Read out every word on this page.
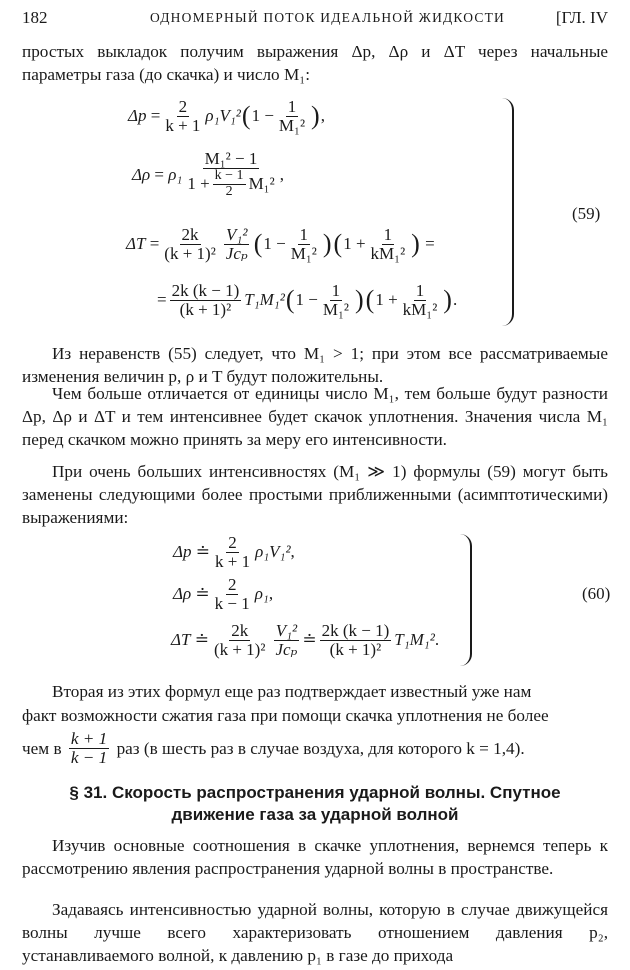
182	ОДНОМЕРНЫЙ ПОТОК ИДЕАЛЬНОЙ ЖИДКОСТИ	[ГЛ. IV

простых выкладок получим выражения Δp, Δρ и ΔT через начальные параметры газа (до скачка) и число M₁:

Δp
= $\frac{2}{k + 1} \rho_1V_1^2$ ( $1 - \frac{1}{\text{M₁²}}$ ) ,
Δρ
=
$\rho_1 \frac{\text{M₁² − 1}}{1 + \frac{k - 1}{2} M_1^2}$ ,
ΔT
= $\frac{2k}{\text{(k + 1)²}} \frac{\text{V₁²}}{\text{Jcₚ}}$ ( $1 - \frac{1}{\text{M₁²}}$ ) ( $1 + \frac{1}{\text{kM₁²}}$ )
=
= $\frac{2k (k - 1)}{\text{(k + 1)²}} T_1M_1^2$ ( $1 - \frac{1}{\text{M₁²}}$ ) ( $1 + \frac{1}{\text{kM₁²}}$ ) .
(59)

Из неравенств (55) следует, что M₁ > 1; при этом все рассматриваемые изменения величин p, ρ и T будут положительны.

Чем больше отличается от единицы число M₁, тем больше будут разности Δp, Δρ и ΔT и тем интенсивнее будет скачок уплотнения. Значения числа M₁ перед скачком можно принять за меру его интенсивности.

При очень больших интенсивностях (M₁ ≫ 1) формулы (59) могут быть заменены следующими более простыми приближенными (асимптотическими) выражениями:

Δp
≐ $\frac{2}{k + 1} \rho_1V_1^2$ ,
Δρ
≐ $\frac{2}{k - 1} \rho_1$ ,
ΔT
≐ $\frac{2k}{\text{(k + 1)²}} \frac{\text{V₁²}}{\text{Jcₚ}}$ ≐ $\frac{2k (k - 1)}{\text{(k + 1)²}} T_1M_1^2$ .
(60)
Вторая из этих формул еще раз подтверждает известный уже нам
факт возможности сжатия газа при помощи скачка уплотнения не более
чем в
$\frac{k + 1}{k - 1}$
раз (в шесть раз в случае воздуха, для которого k = 1,4).
§ 31. Скорость распространения ударной волны. Спутное
движение газа за ударной волной

Изучив основные соотношения в скачке уплотнения, вернемся теперь к рассмотрению явления распространения ударной волны в пространстве.

Задаваясь интенсивностью ударной волны, которую в случае движущейся волны лучше всего характеризовать отношением давления p₂, устанавливаемого волной, к давлению p₁ в газе до прихода
